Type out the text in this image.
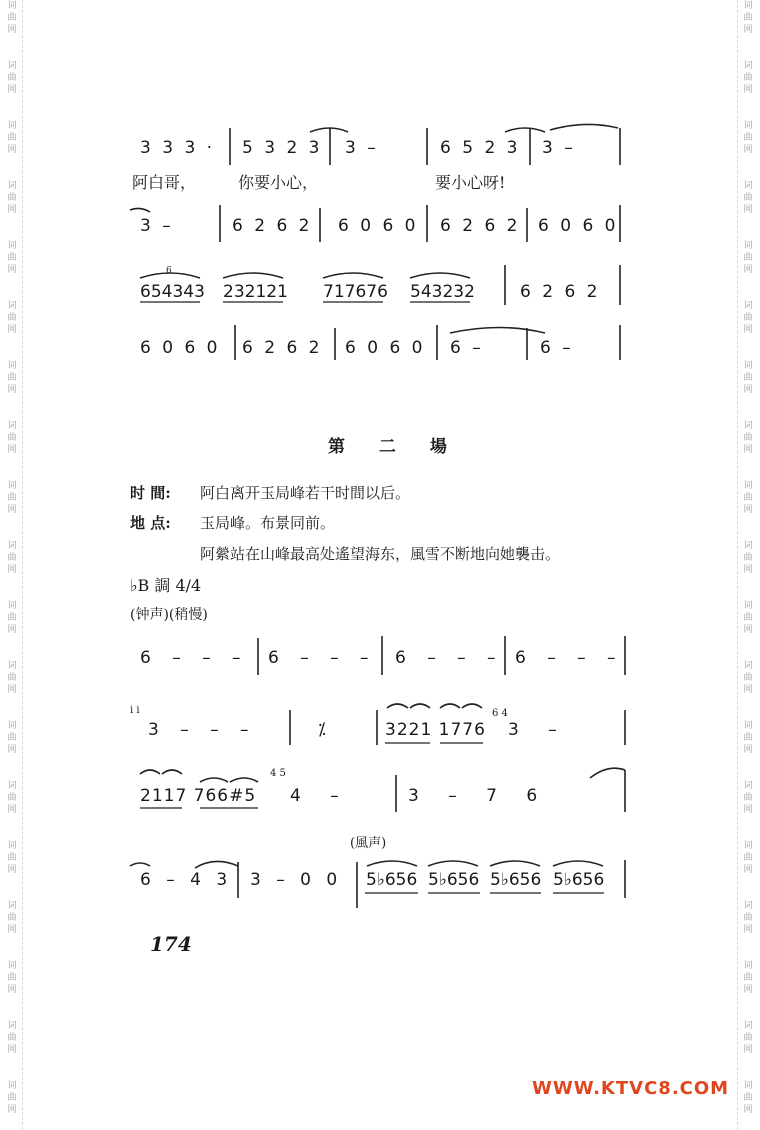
词
曲
网
词
曲
网
词
曲
网
词
曲
网
词
曲
网
词
曲
网
词
曲
网
词
曲
网
词
曲
网
词
曲
网
词
曲
网
词
曲
网
词
曲
网
词
曲
网
词
曲
网
词
曲
网
词
曲
网
词
曲
网
词
曲
网
词
曲
网
词
曲
网
词
曲
网
词
曲
网
词
曲
网
词
曲
网
词
曲
网
词
曲
网
词
曲
网
词
曲
网
词
曲
网
词
曲
网
词
曲
网
词
曲
网
词
曲
网
词
曲
网
词
曲
网
词
曲
网
词
曲
网
3 3 3 · 5 3 2 3 3 –	6 5 2 3 3 –
阿白哥，	你要小心，	要小心呀!
3 –	6 2 6 2 6 0 6 0 6 2 6 2 6 0 6 0
6
654343 232121 717676 543232	6 2 6 2
6 0 6 0 6 2 6 2 6 0 6 0 6 –	6 –
第 二 場
时 間: 阿白离开玉局峰若干时間以后。
地 点: 玉局峰。布景同前。
阿縈站在山峰最高处遙望海东，風雪不断地向她襲击。
♭B 調 4/4
(钟声)(稍慢)
6 – – – 6 – – – 6 – – – 6 – – –
i i
3 – – –	⁒	3221 1776
6 4
3 –
2117 766#5
4 5
4 –	3 – 7 6
(風声)
6 – 4 3 3 – 0 0 5♭656 5♭656 5♭656 5♭656
174
WWW.KTVC8.COM
